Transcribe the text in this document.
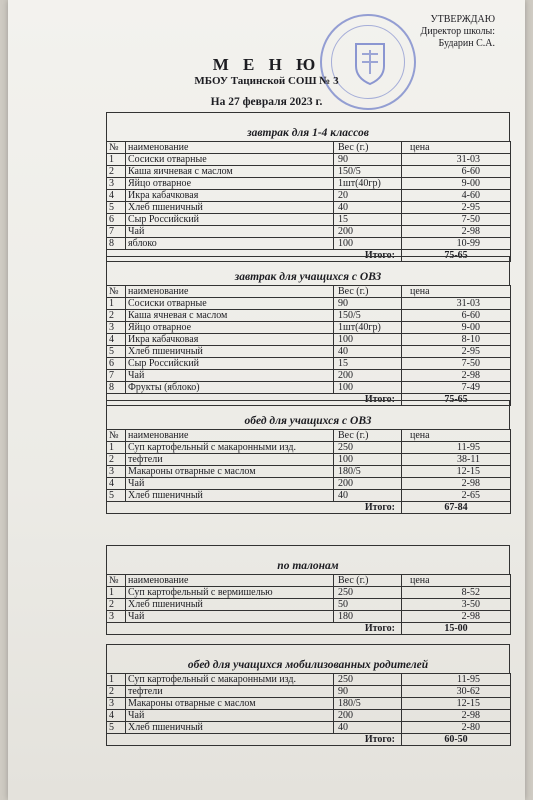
УТВЕРЖДАЮ
Директор школы:
Бударин С.А.
М Е Н Ю
МБОУ Тацинской СОШ № 3
На 27 февраля 2023 г.
завтрак для 1-4 классов
№	наименование	Вес (г.)	цена
1	Сосиски отварные	90	31-03
2	Каша яичневая с маслом	150/5	6-60
3	Яйцо отварное	1шт(40гр)	9-00
4	Икра кабачковая	20	4-60
5	Хлеб пшеничный	40	2-95
6	Сыр Российский	15	7-50
7	Чай	200	2-98
8	яблоко	100	10-99
Итого:			75-65
завтрак для учащихся с ОВЗ
№	наименование	Вес (г.)	цена
1	Сосиски отварные	90	31-03
2	Каша ячневая с маслом	150/5	6-60
3	Яйцо отварное	1шт(40гр)	9-00
4	Икра кабачковая	100	8-10
5	Хлеб пшеничный	40	2-95
6	Сыр Российский	15	7-50
7	Чай	200	2-98
8	Фрукты (яблоко)	100	7-49
Итого:			75-65
обед для учащихся с ОВЗ
№	наименование	Вес (г.)	цена
1	Суп картофельный с макаронными изд.	250	11-95
2	тефтели	100	38-11
3	Макароны отварные с маслом	180/5	12-15
4	Чай	200	2-98
5	Хлеб пшеничный	40	2-65
Итого:			67-84
по талонам
№	наименование	Вес (г.)	цена
1	Суп картофельный с вермишелью	250	8-52
2	Хлеб пшеничный	50	3-50
3	Чай	180	2-98
Итого:			15-00
обед для учащихся мобилизованных родителей
1	Суп картофельный с макаронными изд.	250	11-95
2	тефтели	90	30-62
3	Макароны отварные с маслом	180/5	12-15
4	Чай	200	2-98
5	Хлеб пшеничный	40	2-80
Итого:			60-50
